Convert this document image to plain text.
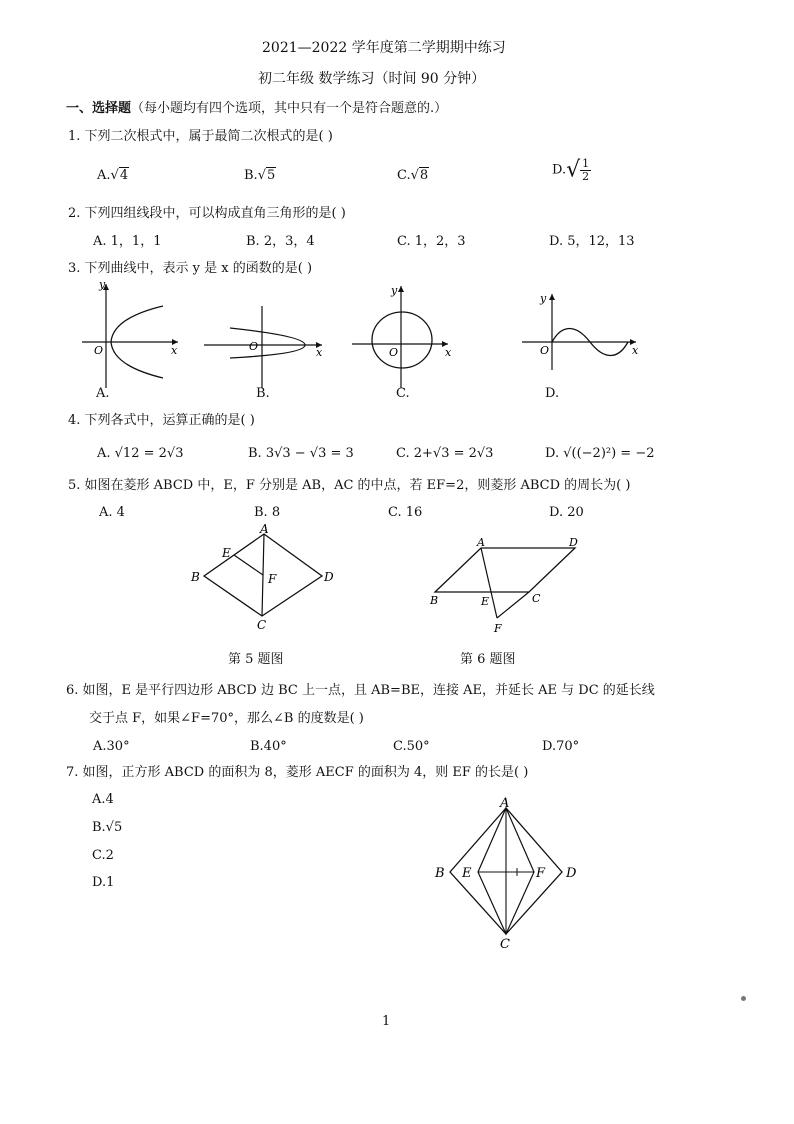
2021—2022 学年度第二学期期中练习
初二年级 数学练习（时间 90 分钟）
一、选择题（每小题均有四个选项，其中只有一个是符合题意的.）
1. 下列二次根式中，属于最简二次根式的是( )
A.√4	B.√5	C.√8	$D.√ \frac{1}{2}$
2. 下列四组线段中，可以构成直角三角形的是( )
A. 1，1，1	B. 2，3，4	C. 1，2，3	D. 5，12，13
3. 下列曲线中，表示 y 是 x 的函数的是( )
x
y
O
A.
x
O
B.
x
y
O
C.
x
y
O
D.
4. 下列各式中，运算正确的是( )
A. √12 = 2√3	B. 3√3 − √3 = 3	C. 2+√3 = 2√3	D. √((−2)²) = −2
5. 如图在菱形 ABCD 中，E，F 分别是 AB，AC 的中点，若 EF=2，则菱形 ABCD 的周长为( )
A. 4	B. 8	C. 16	D. 20
A
B
C
D
E
F
第 5 题图
A	D
B	C
E
F
第 6 题图
6. 如图，E 是平行四边形 ABCD 边 BC 上一点，且 AB=BE，连接 AE，并延长 AE 与 DC 的延长线
交于点 F，如果∠F=70°，那么∠B 的度数是( )
A.30°	B.40°	C.50°	D.70°
7. 如图，正方形 ABCD 的面积为 8，菱形 AECF 的面积为 4，则 EF 的长是( )
A.4
B.√5
C.2
D.1
A
B
C
D
E	F
1
